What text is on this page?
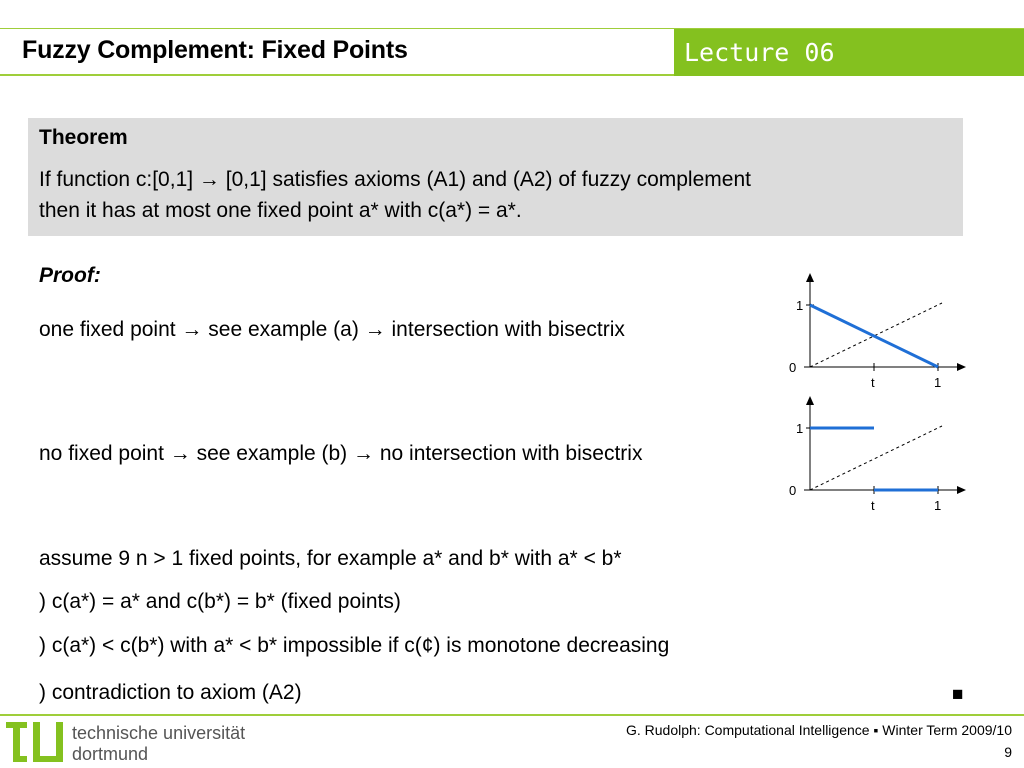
Fuzzy Complement: Fixed Points	Lecture 06

Theorem

If function c:[0,1] → [0,1] satisfies axioms (A1) and (A2) of fuzzy complement
then it has at most one fixed point a* with c(a*) = a*.

Proof:
one fixed point → see example (a) → intersection with bisectrix
no fixed point → see example (b) → no intersection with bisectrix
assume 9 n > 1 fixed points, for example a* and b* with a* < b*
) c(a*) = a* and c(b*) = b* (fixed points)
) c(a*) < c(b*) with a* < b* impossible if c(¢) is monotone decreasing
) contradiction to axiom (A2)	■
1
0
t	1
1
0
t	1
technische universität
dortmund
G. Rudolph: Computational Intelligence ▪ Winter Term 2009/10
9
